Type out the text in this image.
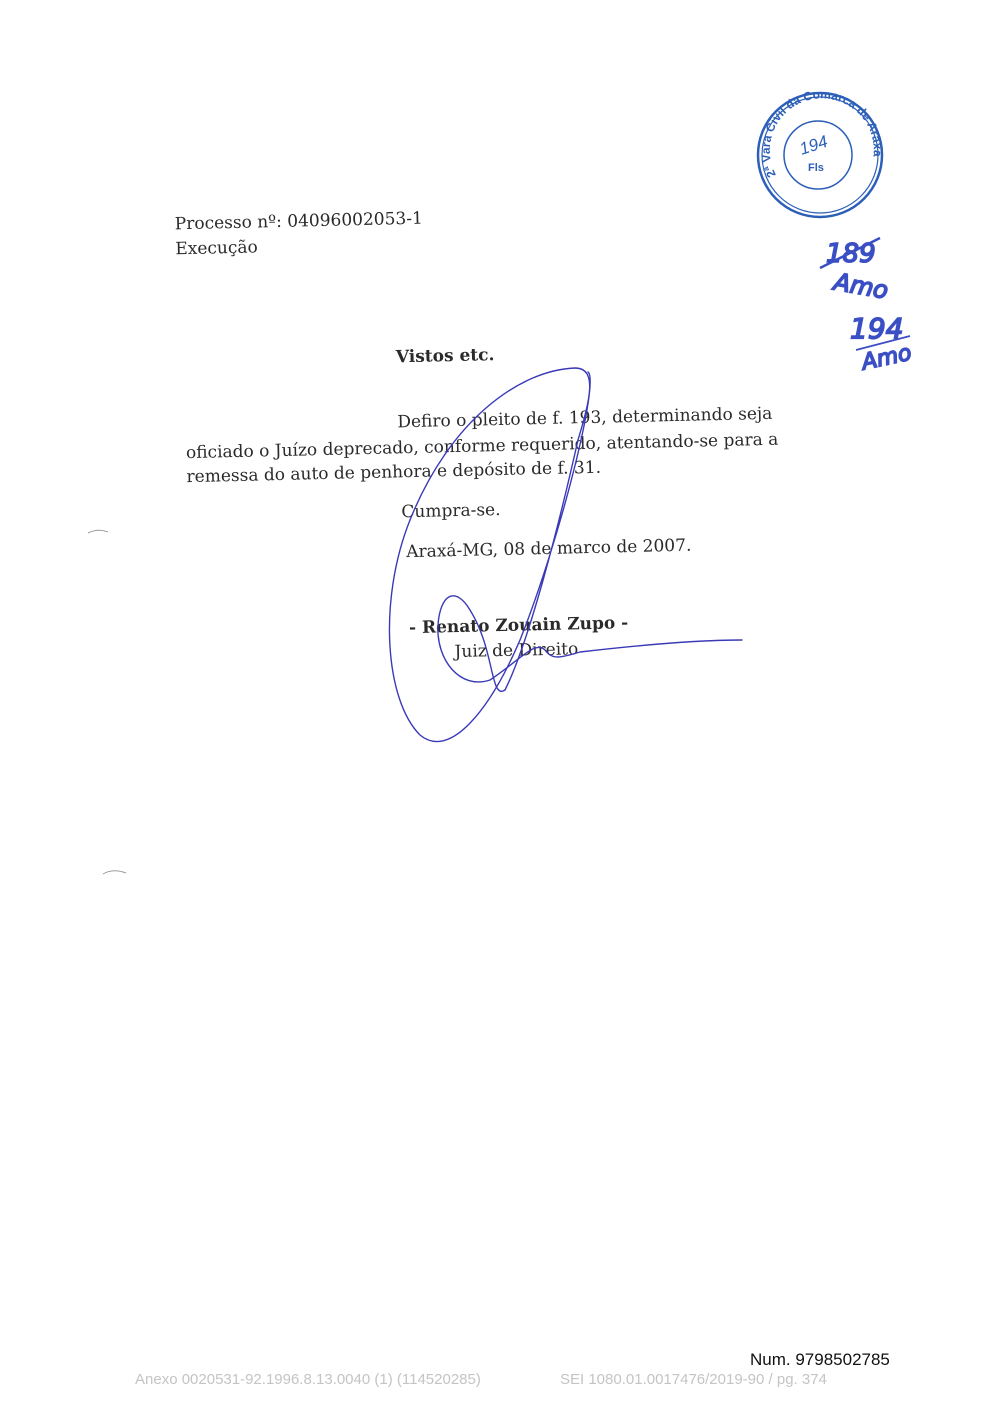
Processo nº: 04096002053-1
Execução
Vistos etc.
Defiro o pleito de f. 193, determinando seja
oficiado o Juízo deprecado, conforme requerido, atentando-se para a
remessa do auto de penhora e depósito de f. 31.
Cumpra-se.
Araxá-MG, 08 de marco de 2007.
- Renato Zouain Zupo -
Juiz de Direito
2ª Vara Civil da Comarca de Araxá
194
Fls
189
Amo
194
Amo
Num. 9798502785
Anexo 0020531-92.1996.8.13.0040 (1) (114520285)	SEI 1080.01.0017476/2019-90 / pg. 374
